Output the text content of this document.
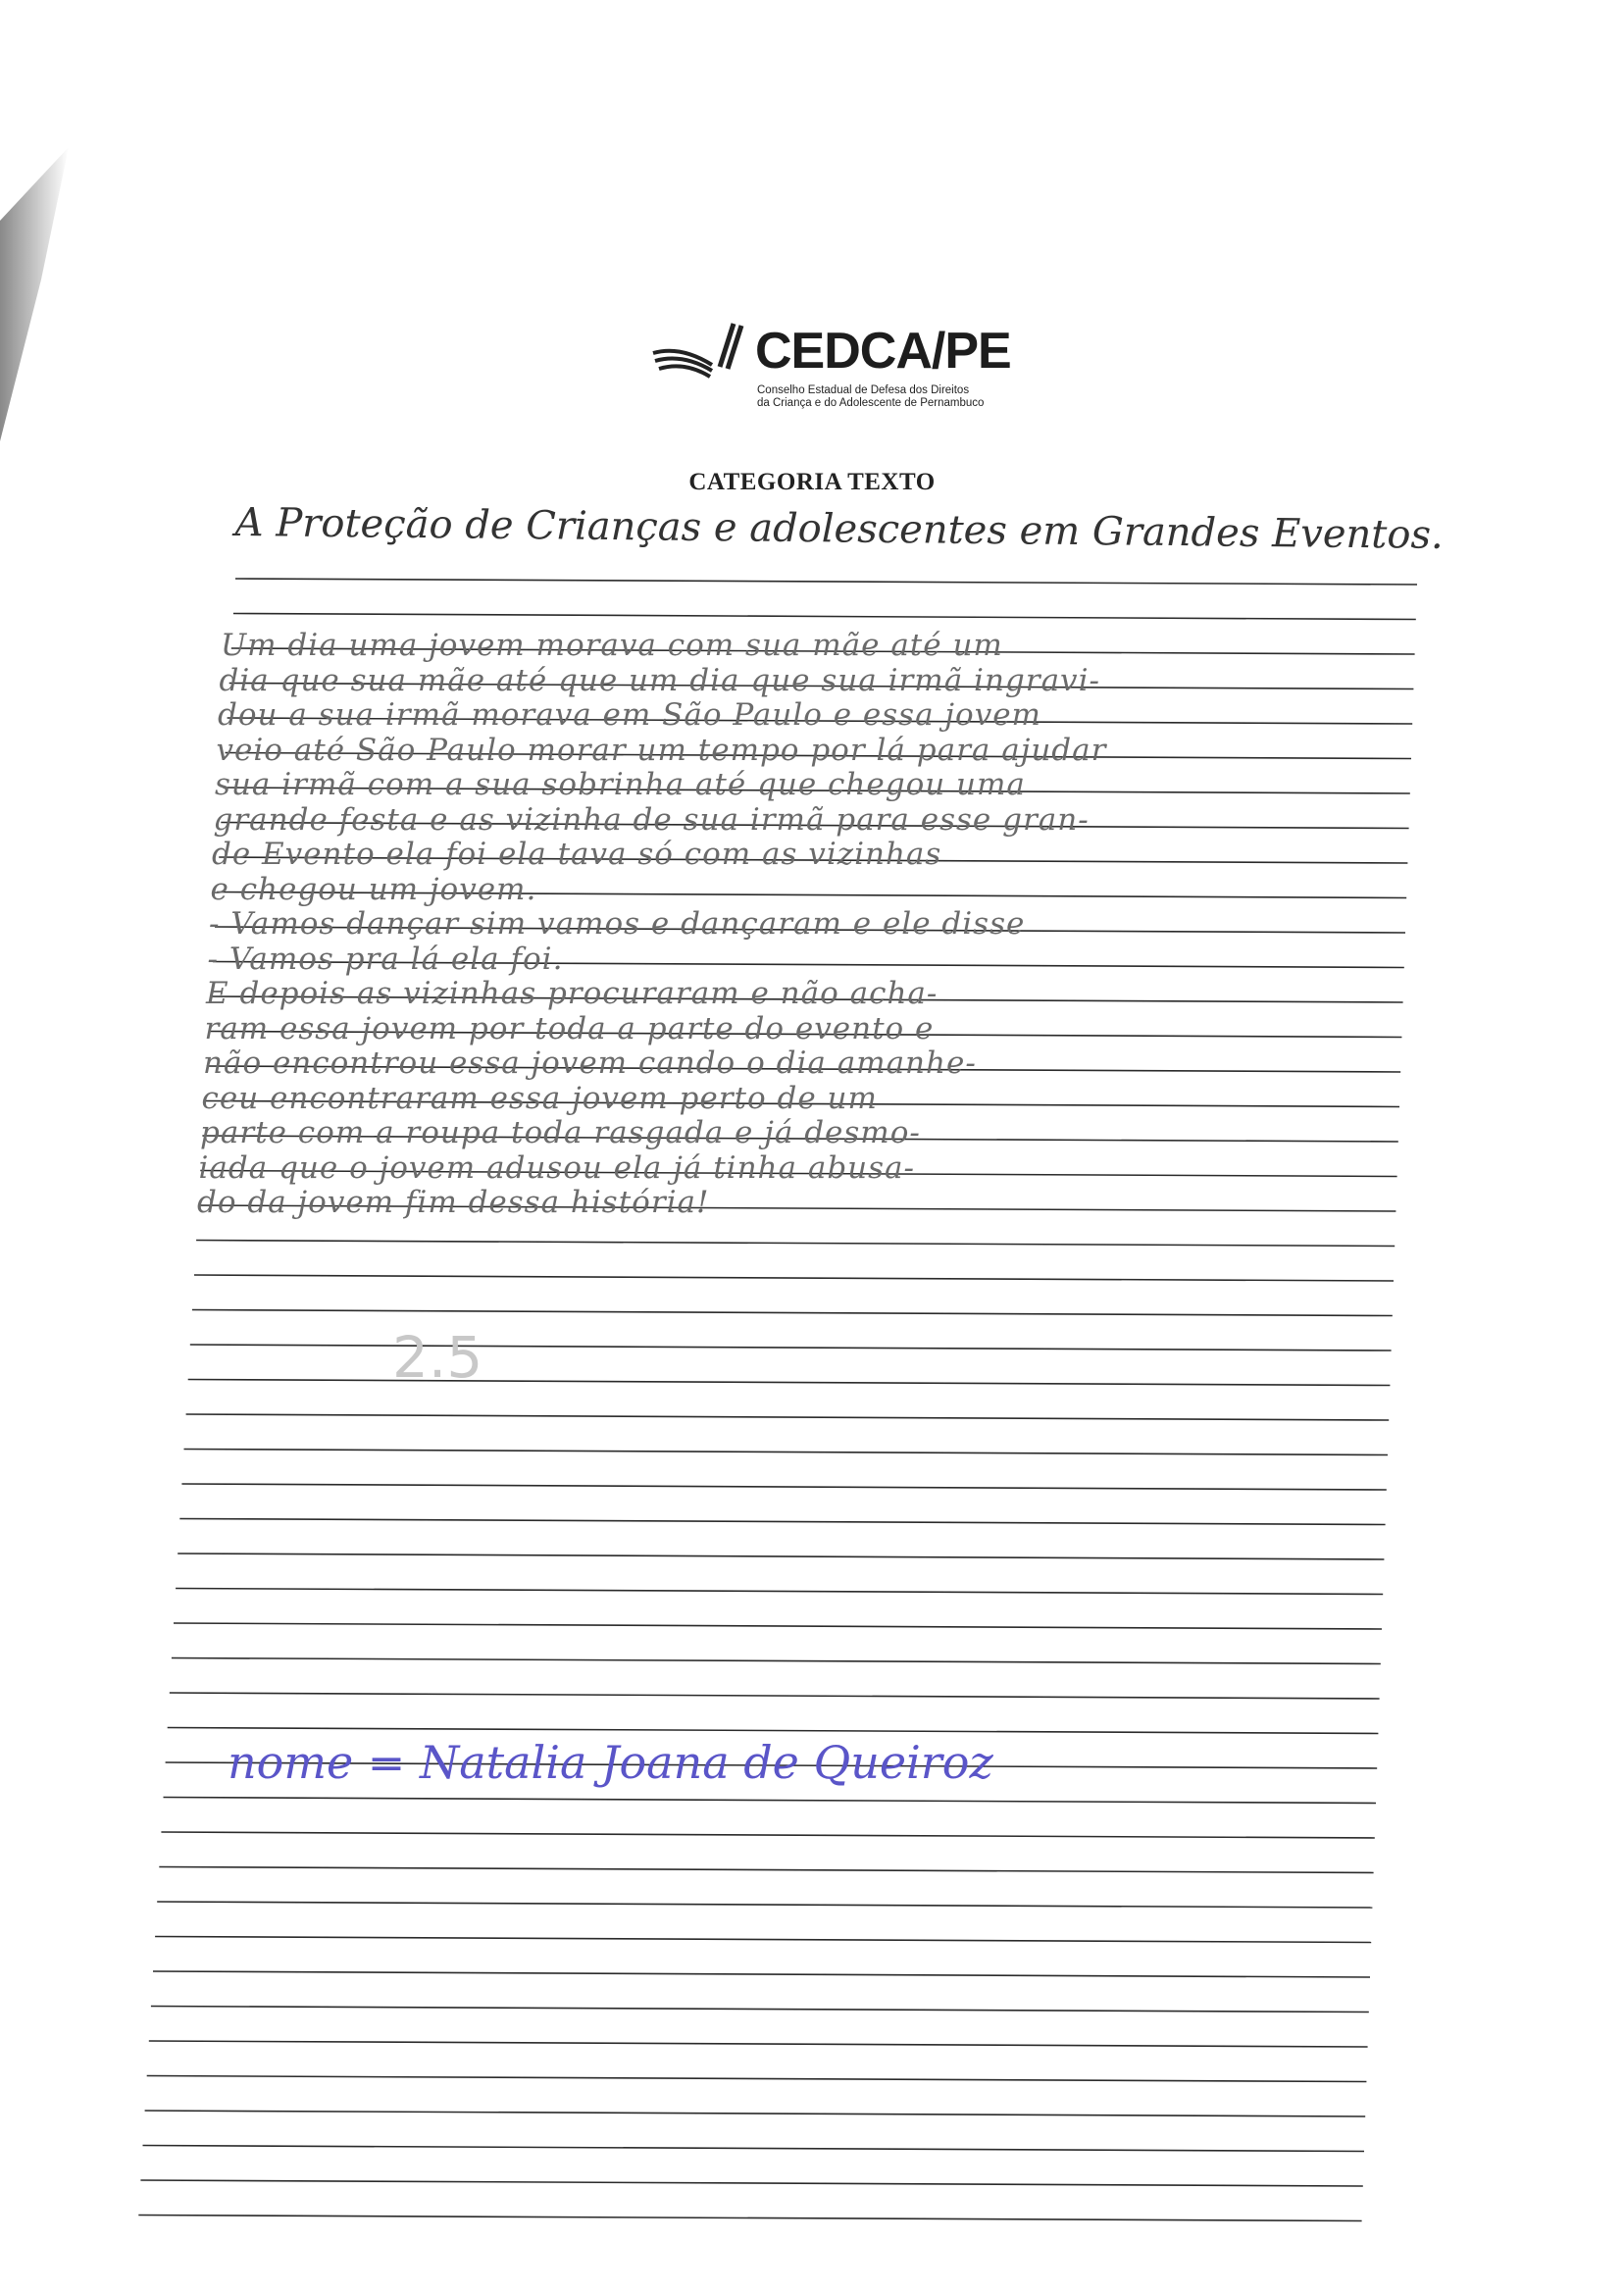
CEDCA/PE
Conselho Estadual de Defesa dos Direitos
da Criança e do Adolescente de Pernambuco
CATEGORIA TEXTO
A Proteção de Crianças e adolescentes em Grandes Eventos.
Um dia uma jovem morava com sua mãe até um
dia que sua mãe até que um dia que sua irmã ingravi-
dou a sua irmã morava em São Paulo e essa jovem
veio até São Paulo morar um tempo por lá para ajudar
sua irmã com a sua sobrinha até que chegou uma
grande festa e as vizinha de sua irmã para esse gran-
de Evento ela foi ela tava só com as vizinhas
e chegou um jovem.
- Vamos dançar sim vamos e dançaram e ele disse
- Vamos pra lá ela foi.
E depois as vizinhas procuraram e não acha-
ram essa jovem por toda a parte do evento e
não encontrou essa jovem cando o dia amanhe-
ceu encontraram essa jovem perto de um
parte com a roupa toda rasgada e já desmo-
iada que o jovem adusou ela já tinha abusa-
do da jovem fim dessa história!
2.5
nome = Natalia Joana de Queiroz
